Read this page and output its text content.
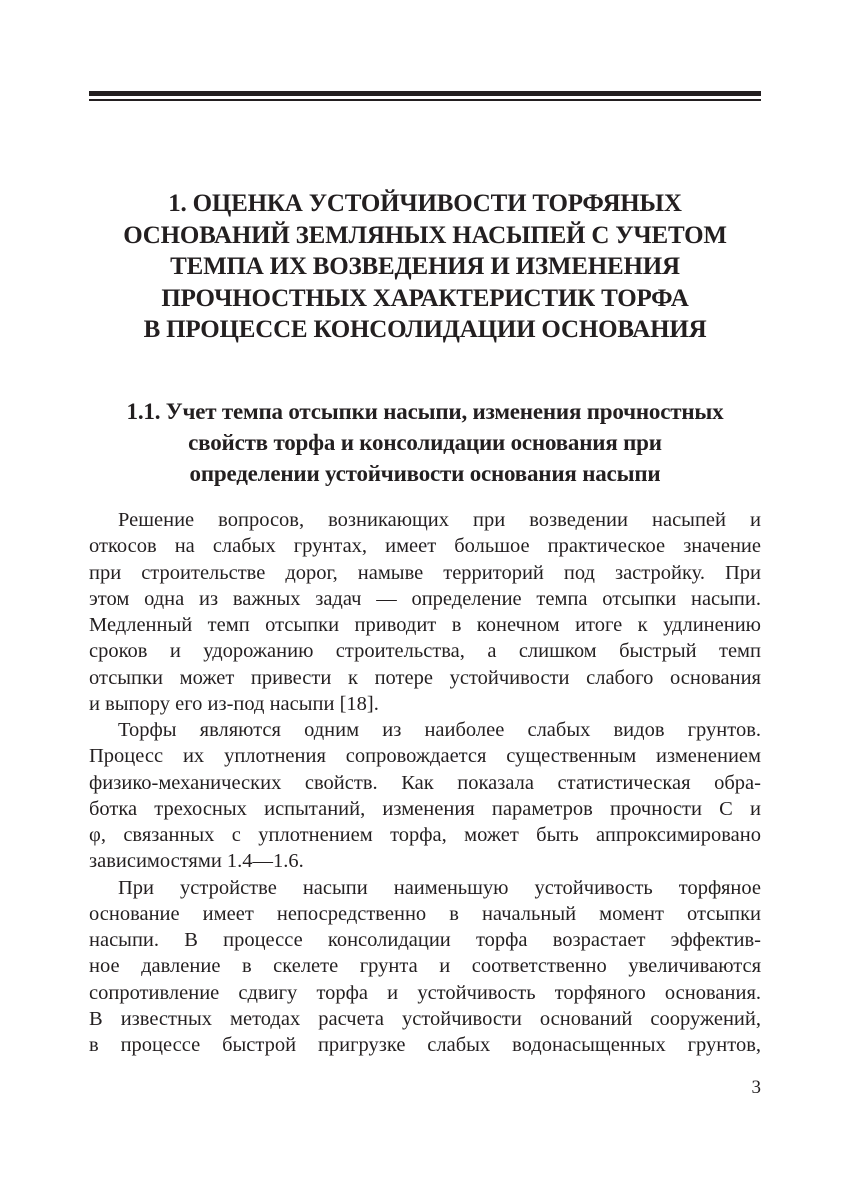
1. ОЦЕНКА УСТОЙЧИВОСТИ ТОРФЯНЫХ
ОСНОВАНИЙ ЗЕМЛЯНЫХ НАСЫПЕЙ С УЧЕТОМ
ТЕМПА ИХ ВОЗВЕДЕНИЯ И ИЗМЕНЕНИЯ
ПРОЧНОСТНЫХ ХАРАКТЕРИСТИК ТОРФА
В ПРОЦЕССЕ КОНСОЛИДАЦИИ ОСНОВАНИЯ
1.1. Учет темпа отсыпки насыпи, изменения прочностных
свойств торфа и консолидации основания при
определении устойчивости основания насыпи
Решение вопросов, возникающих при возведении насыпей и
откосов на слабых грунтах, имеет большое практическое значение
при строительстве дорог, намыве территорий под застройку. При
этом одна из важных задач — определение темпа отсыпки насыпи.
Медленный темп отсыпки приводит в конечном итоге к удлинению
сроков и удорожанию строительства, а слишком быстрый темп
отсыпки может привести к потере устойчивости слабого основания
и выпору его из-под насыпи [18].
Торфы являются одним из наиболее слабых видов грунтов.
Процесс их уплотнения сопровождается существенным изменением
физико-механических свойств. Как показала статистическая обра-
ботка трехосных испытаний, изменения параметров прочности C и
φ, связанных с уплотнением торфа, может быть аппроксимировано
зависимостями 1.4—1.6.
При устройстве насыпи наименьшую устойчивость торфяное
основание имеет непосредственно в начальный момент отсыпки
насыпи. В процессе консолидации торфа возрастает эффектив-
ное давление в скелете грунта и соответственно увеличиваются
сопротивление сдвигу торфа и устойчивость торфяного основания.
В известных методах расчета устойчивости оснований сооружений,
в процессе быстрой пригрузке слабых водонасыщенных грунтов,
3
